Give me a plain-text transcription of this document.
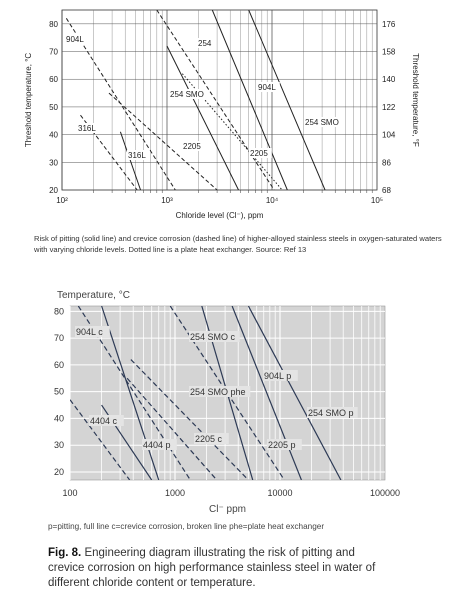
20	68
30	86
40	104
50	122
60	140
70	158
80	176
10²	10³	10⁴	10⁵
904L	254
254 SMO
904L
254 SMO
316L
2205
316L	2205
Chloride level (Cl⁻), ppm
Threshold temperature, °C	Threshold temperature, °F
20
30
40
50
60
70
80
100	1000	10000	100000
904L c	254 SMO c
904L p
254 SMO phe
254 SMO p
4404 c
2205 c
4404 p	2205 p
Temperature, °C
Cl⁻ ppm
Risk of pitting (solid line) and crevice corrosion (dashed line) of higher-alloyed stainless steels in oxygen-saturated waters with varying chloride levels. Dotted line is a plate heat exchanger. Source: Ref 13
p=pitting, full line c=crevice corrosion, broken line phe=plate heat exchanger
Fig. 8. Engineering diagram illustrating the risk of pitting and crevice corrosion on high performance stainless steel in water of different chloride content or temperature.
